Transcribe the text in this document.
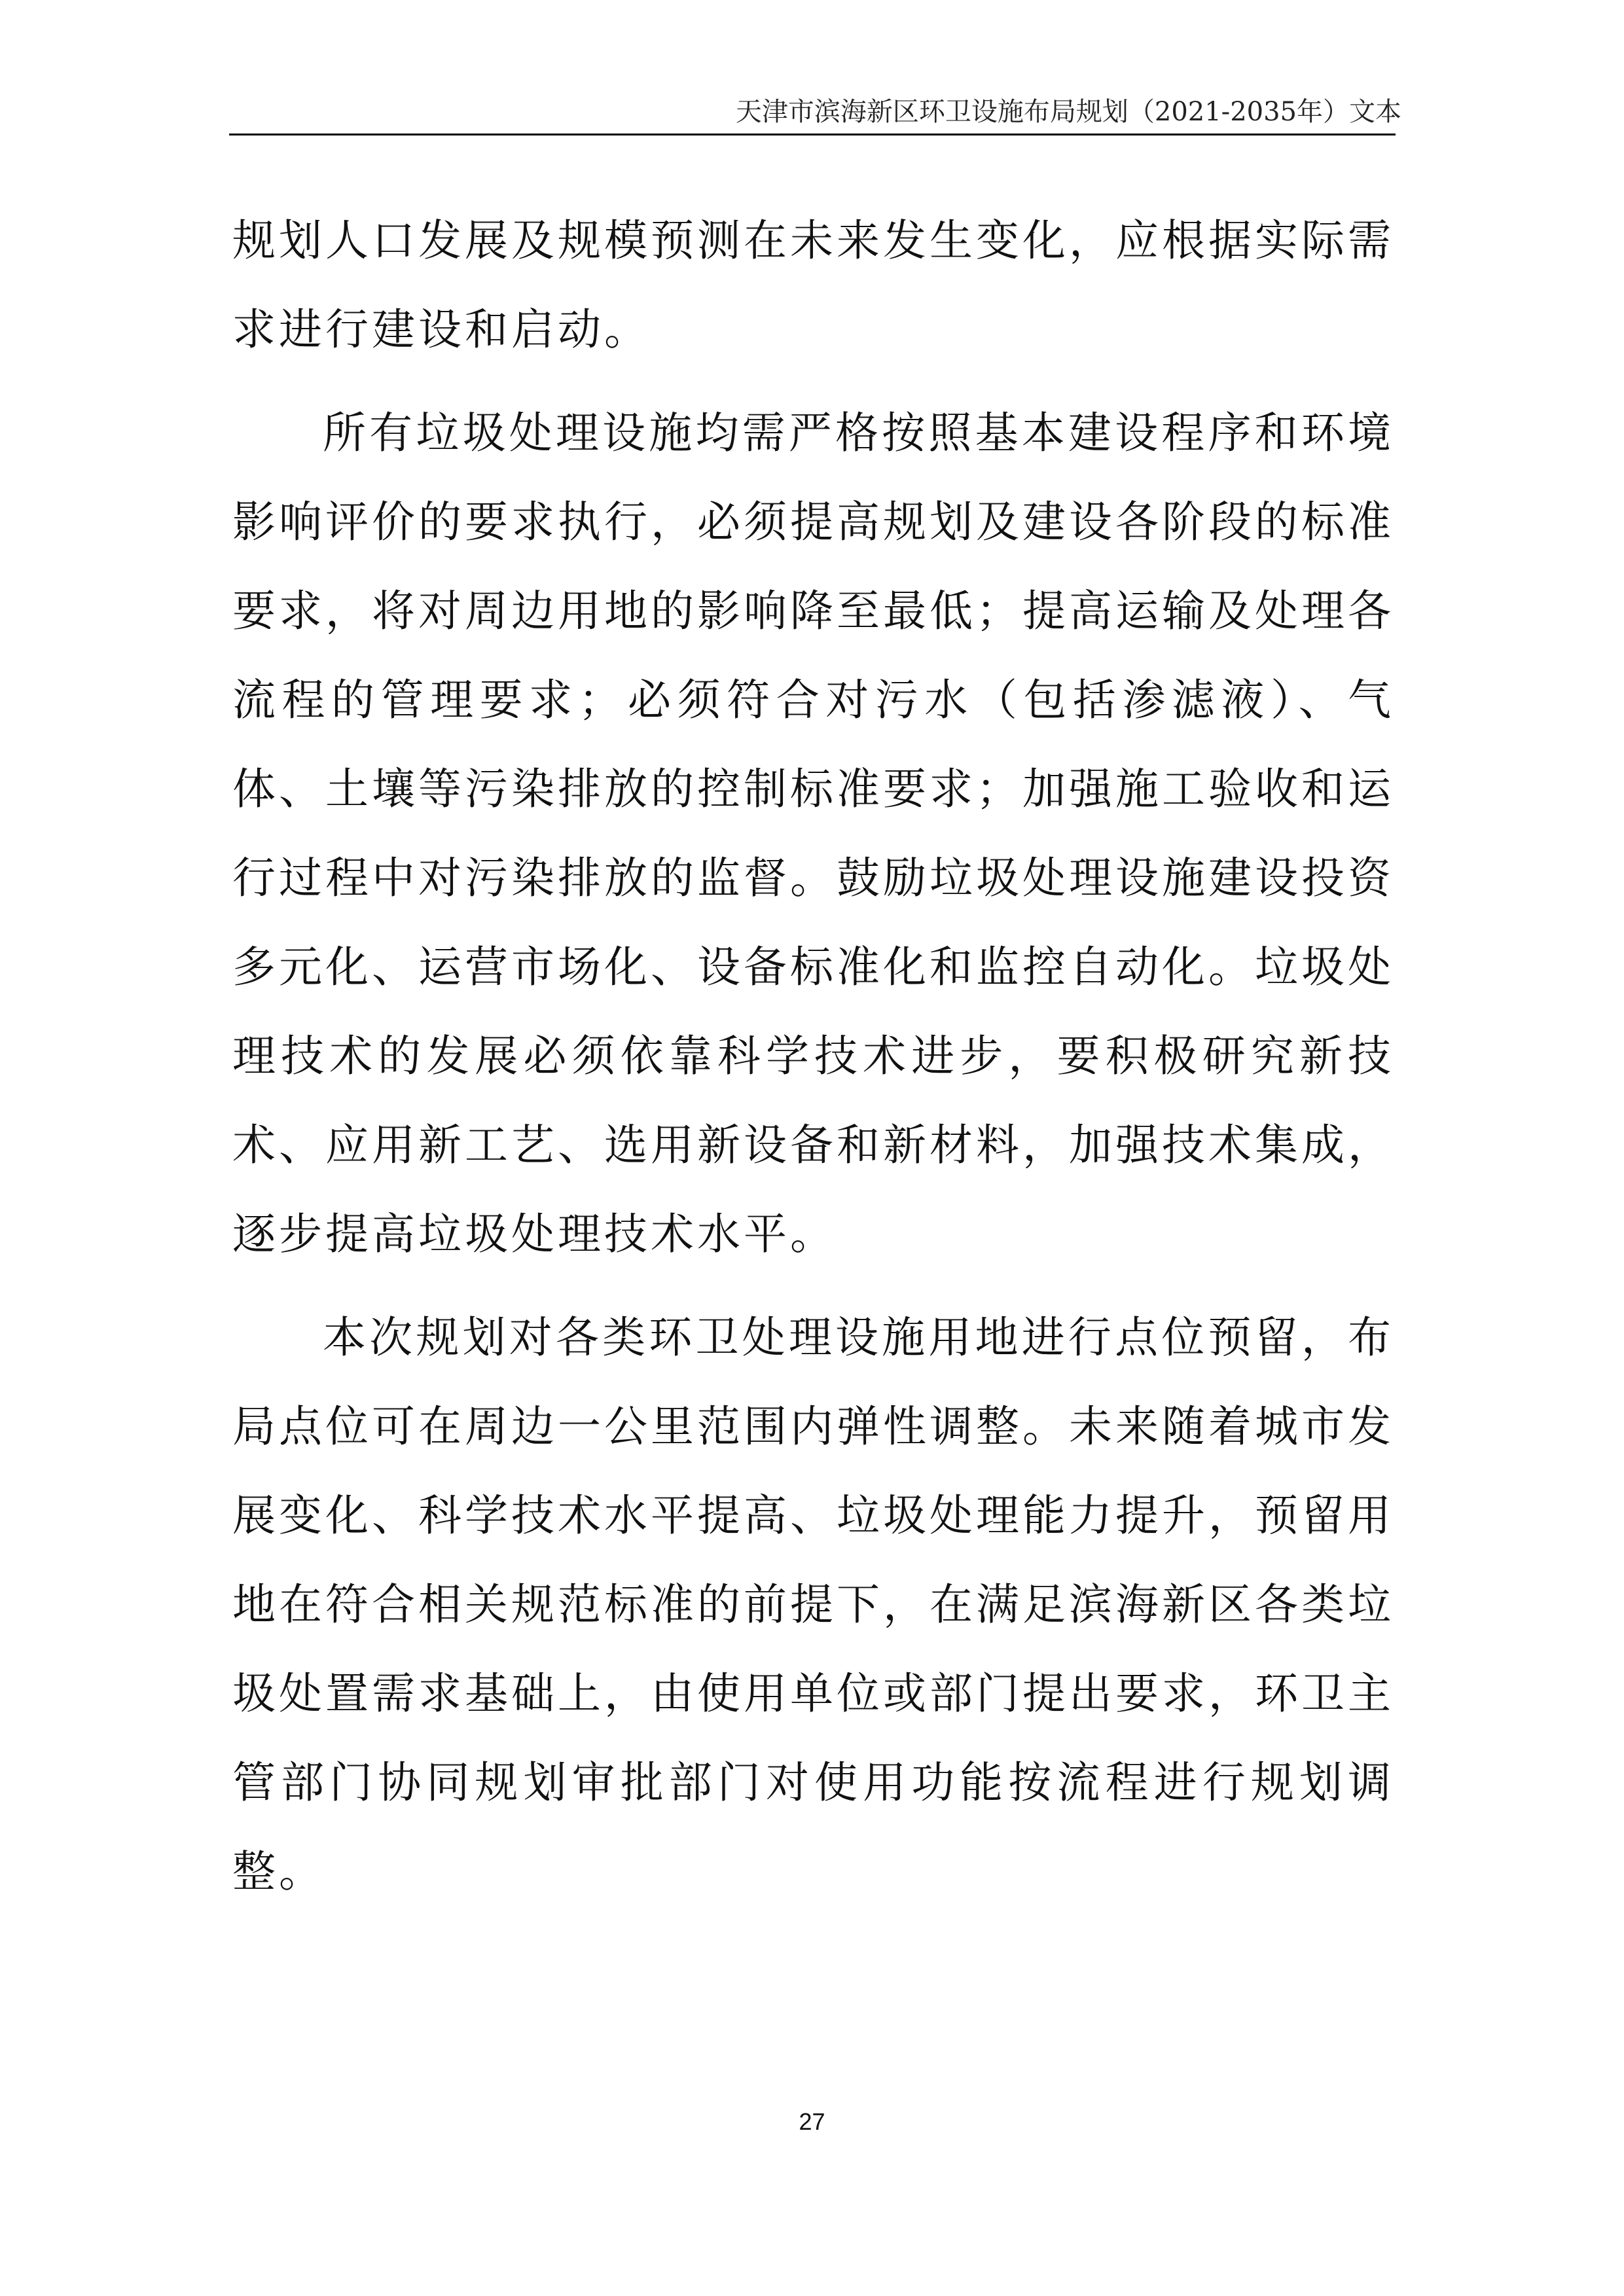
天津市滨海新区环卫设施布局规划（2021-2035年）文本

规划人口发展及规模预测在未来发生变化，应根据实际需求进行建设和启动。

所有垃圾处理设施均需严格按照基本建设程序和环境影响评价的要求执行，必须提高规划及建设各阶段的标准要求，将对周边用地的影响降至最低；提高运输及处理各流程的管理要求；必须符合对污水（包括渗滤液）、气体、土壤等污染排放的控制标准要求；加强施工验收和运行过程中对污染排放的监督。鼓励垃圾处理设施建设投资多元化、运营市场化、设备标准化和监控自动化。垃圾处理技术的发展必须依靠科学技术进步，要积极研究新技术、应用新工艺、选用新设备和新材料，加强技术集成，逐步提高垃圾处理技术水平。

本次规划对各类环卫处理设施用地进行点位预留，布局点位可在周边一公里范围内弹性调整。未来随着城市发展变化、科学技术水平提高、垃圾处理能力提升，预留用地在符合相关规范标准的前提下，在满足滨海新区各类垃圾处置需求基础上，由使用单位或部门提出要求，环卫主管部门协同规划审批部门对使用功能按流程进行规划调整。

27
